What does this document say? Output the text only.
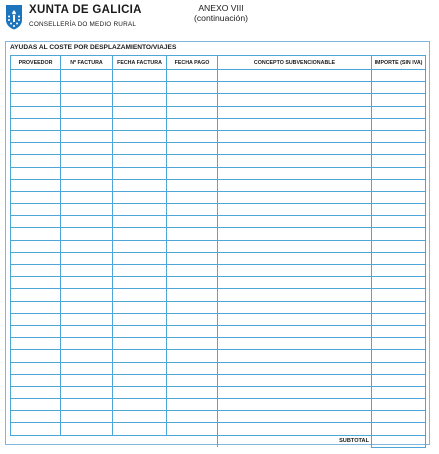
XUNTA DE GALICIA
CONSELLERÍA DO MEDIO RURAL
ANEXO VIII
(continuación)
AYUDAS AL COSTE POR DESPLAZAMIENTO/VIAJES
PROVEEDOR	Nº FACTURA	FECHA FACTURA	FECHA PAGO	CONCEPTO SUBVENCIONABLE	IMPORTE (SIN IVA)

				SUBTOTAL	
